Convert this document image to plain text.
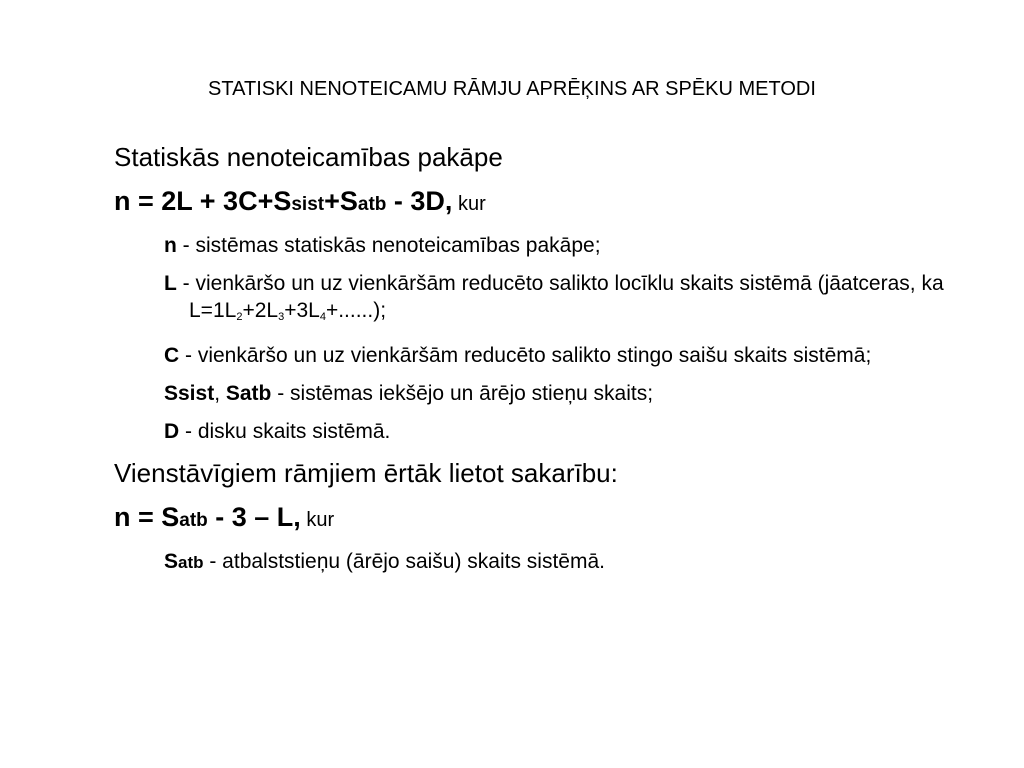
STATISKI NENOTEICAMU RĀMJU APRĒĶINS AR SPĒKU METODI
Statiskās nenoteicamības pakāpe
n = 2L + 3C+Ssist+Satb - 3D, kur
n - sistēmas statiskās nenoteicamības pakāpe;
L - vienkāršo un uz vienkāršām reducēto salikto locīklu skaits sistēmā (jāatceras, ka L=1L2+2L3+3L4+......);
C - vienkāršo un uz vienkāršām reducēto salikto stingo saišu skaits sistēmā;
Ssist, Satb - sistēmas iekšējo un ārējo stieņu skaits;
D - disku skaits sistēmā.
Vienstāvīgiem rāmjiem ērtāk lietot sakarību:
n = Satb - 3 – L, kur
Satb - atbalststieņu (ārējo saišu) skaits sistēmā.
